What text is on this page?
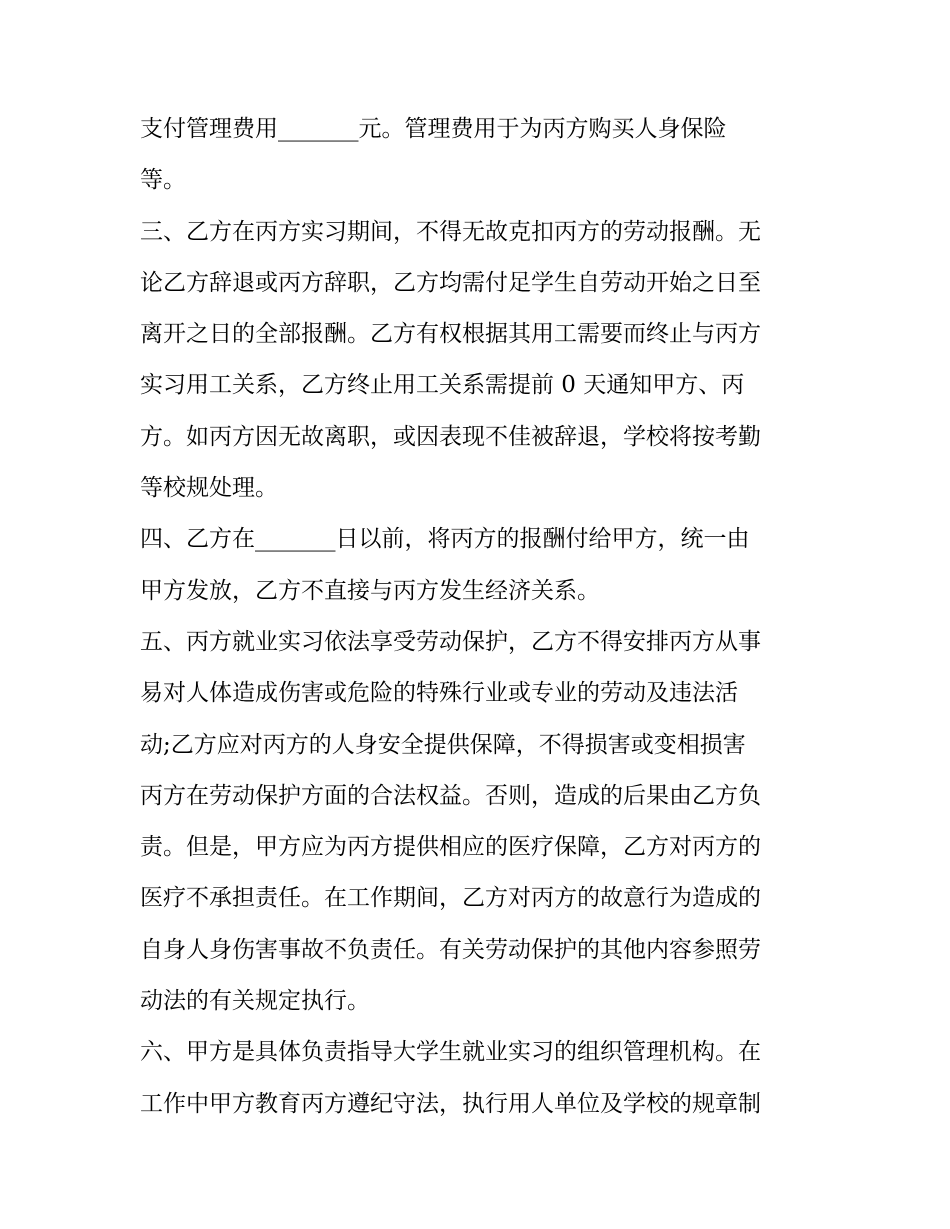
支付管理费用_______元。管理费用于为丙方购买人身保险
等。
三、乙方在丙方实习期间，不得无故克扣丙方的劳动报酬。无
论乙方辞退或丙方辞职，乙方均需付足学生自劳动开始之日至
离开之日的全部报酬。乙方有权根据其用工需要而终止与丙方
实习用工关系，乙方终止用工关系需提前 0 天通知甲方、丙
方。如丙方因无故离职，或因表现不佳被辞退，学校将按考勤
等校规处理。
四、乙方在_______日以前，将丙方的报酬付给甲方，统一由
甲方发放，乙方不直接与丙方发生经济关系。
五、丙方就业实习依法享受劳动保护，乙方不得安排丙方从事
易对人体造成伤害或危险的特殊行业或专业的劳动及违法活
动;乙方应对丙方的人身安全提供保障，不得损害或变相损害
丙方在劳动保护方面的合法权益。否则，造成的后果由乙方负
责。但是，甲方应为丙方提供相应的医疗保障，乙方对丙方的
医疗不承担责任。在工作期间，乙方对丙方的故意行为造成的
自身人身伤害事故不负责任。有关劳动保护的其他内容参照劳
动法的有关规定执行。
六、甲方是具体负责指导大学生就业实习的组织管理机构。在
工作中甲方教育丙方遵纪守法，执行用人单位及学校的规章制
